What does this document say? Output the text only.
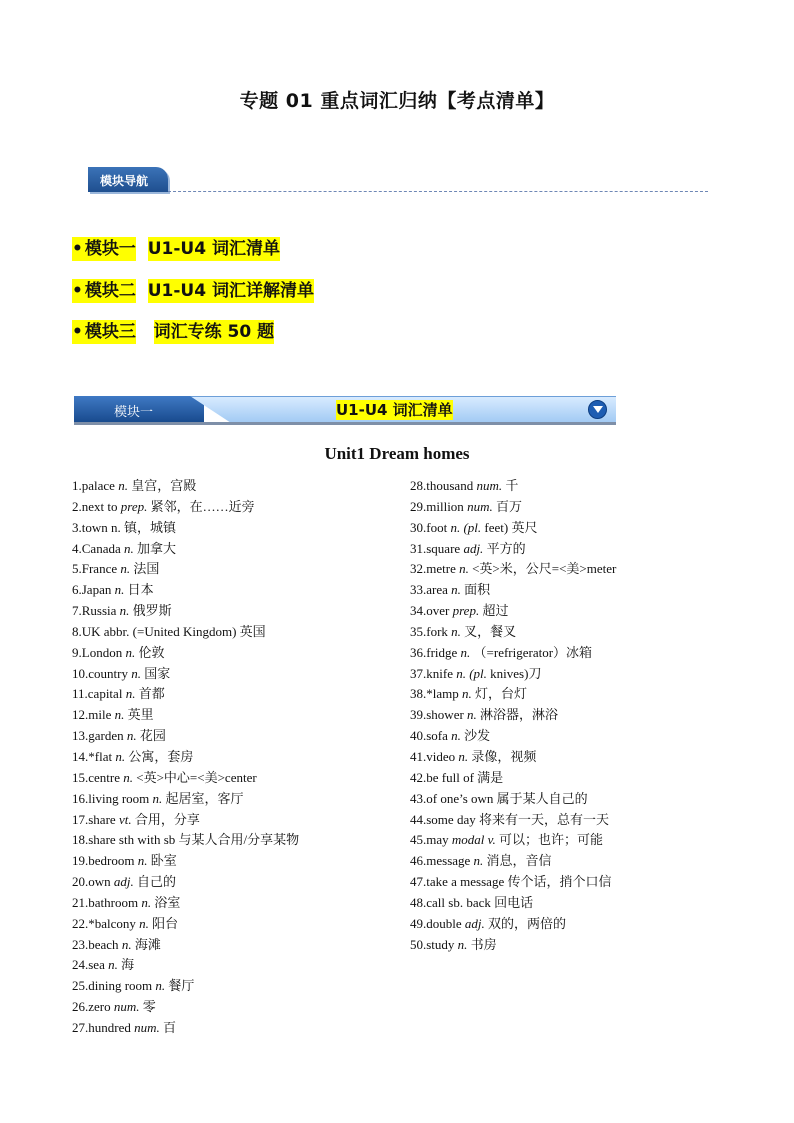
专题 01 重点词汇归纳【考点清单】
模块导航
• 模块一 U1-U4 词汇清单
• 模块二 U1-U4 词汇详解清单
• 模块三 词汇专练 50 题
模块一	U1-U4 词汇清单
Unit1 Dream homes
1.palace n. 皇宫，宫殿
2.next to prep. 紧邻，在……近旁
3.town n. 镇，城镇
4.Canada n. 加拿大
5.France n. 法国
6.Japan n. 日本
7.Russia n. 俄罗斯
8.UK abbr. (=United Kingdom) 英国
9.London n. 伦敦
10.country n. 国家
11.capital n. 首都
12.mile n. 英里
13.garden n. 花园
14.*flat n. 公寓，套房
15.centre n. <英>中心=<美>center
16.living room n. 起居室，客厅
17.share vt. 合用，分享
18.share sth with sb 与某人合用/分享某物
19.bedroom n. 卧室
20.own adj. 自己的
21.bathroom n. 浴室
22.*balcony n. 阳台
23.beach n. 海滩
24.sea n. 海
25.dining room n. 餐厅
26.zero num. 零
27.hundred num. 百
28.thousand num. 千
29.million num. 百万
30.foot n. (pl. feet) 英尺
31.square adj. 平方的
32.metre n. <英>米，公尺=<美>meter
33.area n. 面积
34.over prep. 超过
35.fork n. 叉，餐叉
36.fridge n. （=refrigerator）冰箱
37.knife n. (pl. knives)刀
38.*lamp n. 灯，台灯
39.shower n. 淋浴器，淋浴
40.sofa n. 沙发
41.video n. 录像，视频
42.be full of 满是
43.of one’s own 属于某人自己的
44.some day 将来有一天，总有一天
45.may modal v. 可以；也许；可能
46.message n. 消息，音信
47.take a message 传个话，捎个口信
48.call sb. back 回电话
49.double adj. 双的，两倍的
50.study n. 书房
